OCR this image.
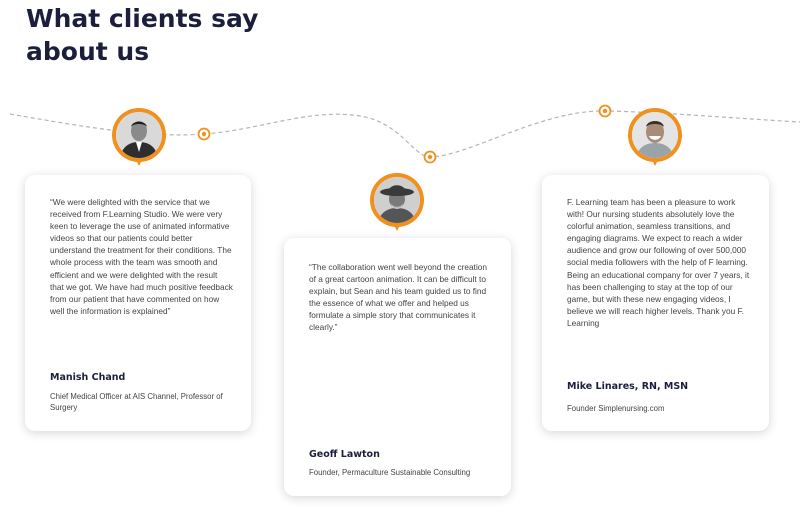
What clients say
about us
“We were delighted with the service that we received from F.Learning Studio. We were very keen to leverage the use of animated informative videos so that our patients could better understand the treatment for their conditions. The whole process with the team was smooth and efficient and we were delighted with the result that we got. We have had much positive feedback from our patient that have commented on how well the information is explained”
Manish Chand
Chief Medical Officer at AIS Channel, Professor of Surgery
“The collaboration went well beyond the creation of a great cartoon animation. It can be difficult to explain, but Sean and his team guided us to find the essence of what we offer and helped us formulate a simple story that communicates it clearly.”
Geoff Lawton
Founder, Permaculture Sustainable Consulting
F. Learning team has been a pleasure to work with! Our nursing students absolutely love the colorful animation, seamless transitions, and engaging diagrams. We expect to reach a wider audience and grow our following of over 500,000 social media followers with the help of F learning. Being an educational company for over 7 years, it has been challenging to stay at the top of our game, but with these new engaging videos, I believe we will reach higher levels. Thank you F. Learning
Mike Linares, RN, MSN
Founder Simplenursing.com
